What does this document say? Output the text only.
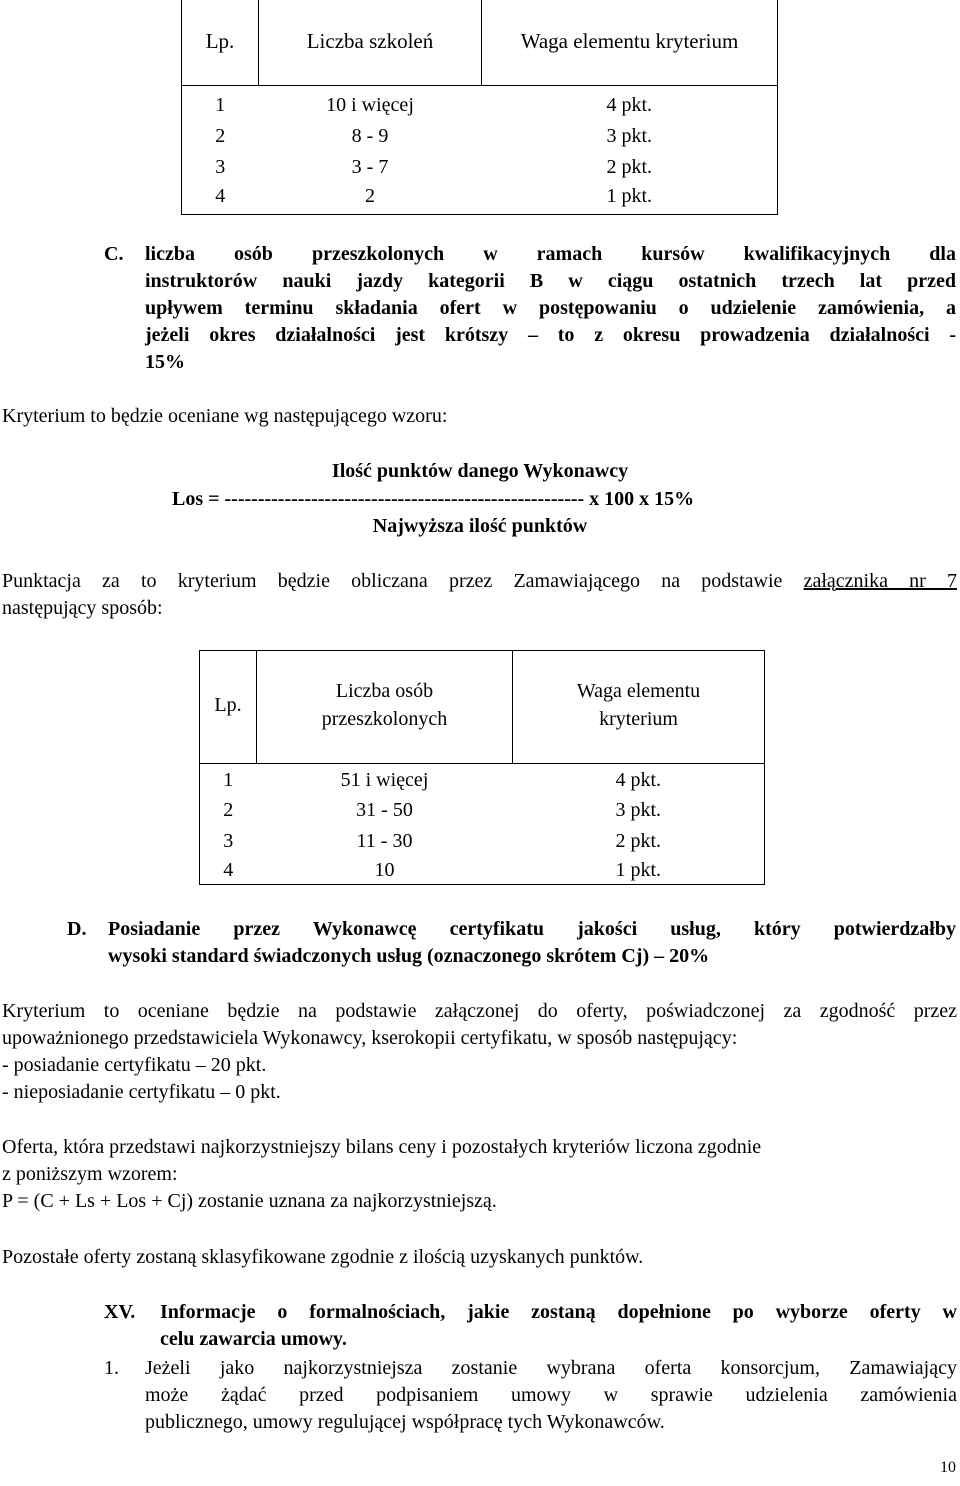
Lp.	Liczba szkoleń	Waga elementu kryterium
1	10 i więcej	4 pkt.
2	8 - 9	3 pkt.
3	3 - 7	2 pkt.
4	2	1 pkt.
C. liczba osób przeszkolonych w ramach kursów kwalifikacyjnych dla
instruktorów nauki jazdy kategorii B w ciągu ostatnich trzech lat przed
upływem terminu składania ofert w postępowaniu o udzielenie zamówienia, a
jeżeli okres działalności jest krótszy – to z okresu prowadzenia działalności -
15%
Kryterium to będzie oceniane wg następującego wzoru:
Ilość punktów danego Wykonawcy
Los = ------------------------------------------------------ x 100 x 15%
Najwyższa ilość punktów
Punktacja za to kryterium będzie obliczana przez Zamawiającego na podstawie załącznika nr 7
następujący sposób:
Lp.	Liczba osób przeszkolonych	Waga elementu kryterium
1	51 i więcej	4 pkt.
2	31 - 50	3 pkt.
3	11 - 30	2 pkt.
4	10	1 pkt.
D. Posiadanie przez Wykonawcę certyfikatu jakości usług, który potwierdzałby
wysoki standard świadczonych usług (oznaczonego skrótem Cj) – 20%
Kryterium to oceniane będzie na podstawie załączonej do oferty, poświadczonej za zgodność przez
upoważnionego przedstawiciela Wykonawcy, kserokopii certyfikatu, w sposób następujący:
- posiadanie certyfikatu – 20 pkt.
- nieposiadanie certyfikatu – 0 pkt.
Oferta, która przedstawi najkorzystniejszy bilans ceny i pozostałych kryteriów liczona zgodnie
z poniższym wzorem:
P = (C + Ls + Los + Cj) zostanie uznana za najkorzystniejszą.
Pozostałe oferty zostaną sklasyfikowane zgodnie z ilością uzyskanych punktów.
XV. Informacje o formalnościach, jakie zostaną dopełnione po wyborze oferty w
celu zawarcia umowy.
1. Jeżeli jako najkorzystniejsza zostanie wybrana oferta konsorcjum, Zamawiający
może żądać przed podpisaniem umowy w sprawie udzielenia zamówienia
publicznego, umowy regulującej współpracę tych Wykonawców.
10
